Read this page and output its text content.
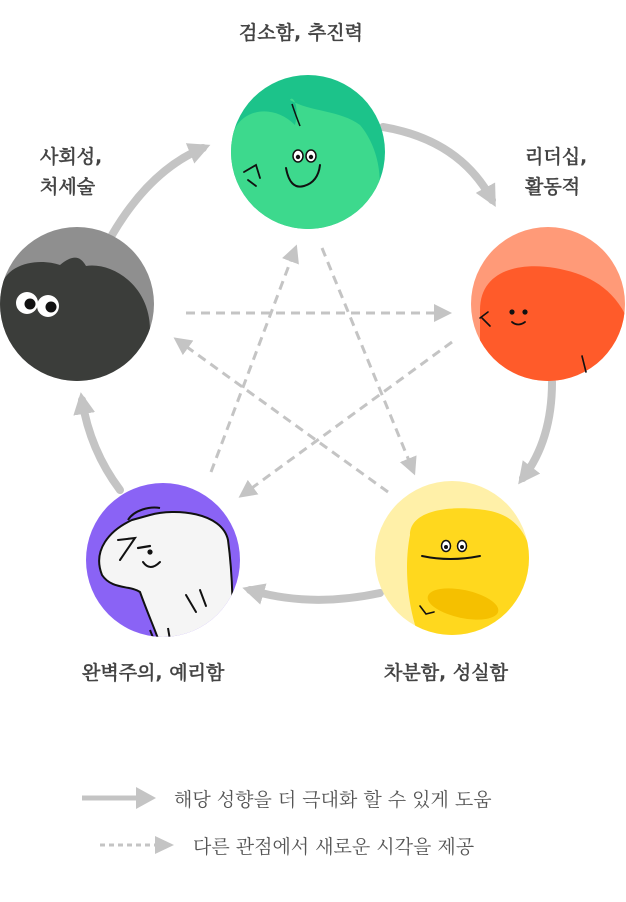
검소함, 추진력
리더십,
활동적
사회성,
처세술
완벽주의, 예리함	차분함, 성실함
해당 성향을 더 극대화 할 수 있게 도움
다른 관점에서 새로운 시각을 제공
